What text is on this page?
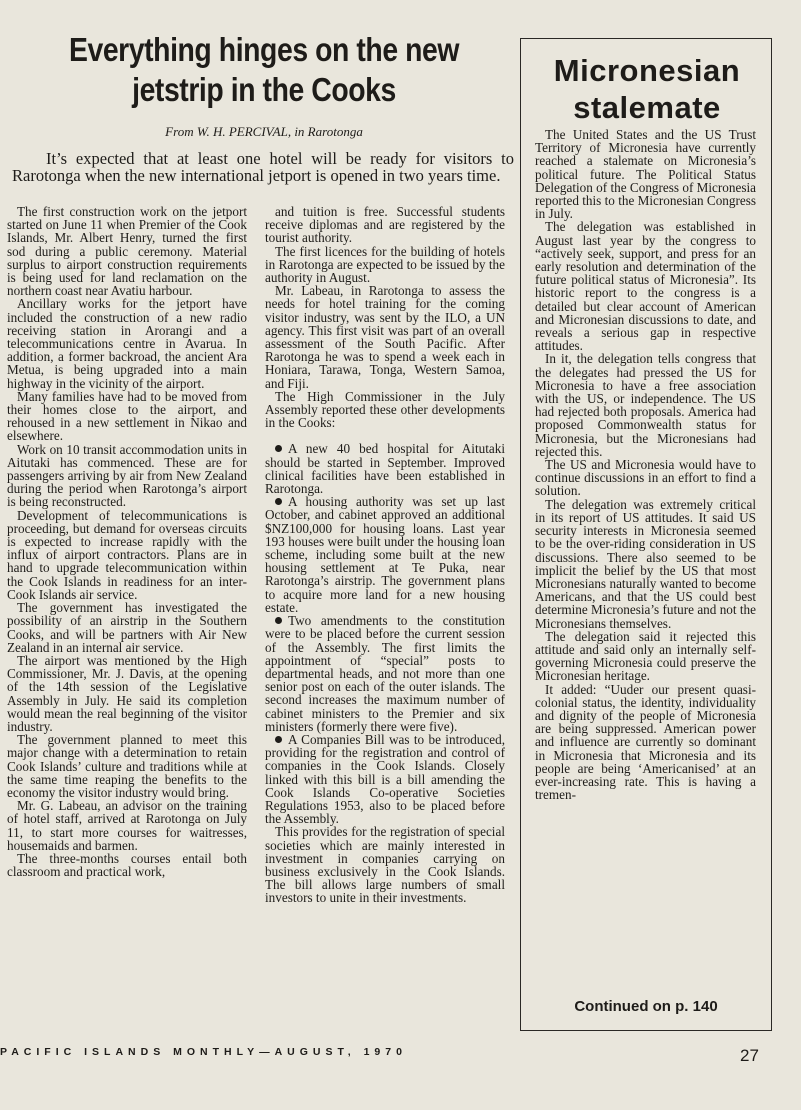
Everything hinges on the new jetstrip in the Cooks
From W. H. PERCIVAL, in Rarotonga
It’s expected that at least one hotel will be ready for visitors to Rarotonga when the new international jetport is opened in two years time.

The first construction work on the jetport started on June 11 when Premier of the Cook Islands, Mr. Albert Henry, turned the first sod during a public ceremony. Material surplus to airport construction requirements is being used for land reclamation on the northern coast near Avatiu harbour.

Ancillary works for the jetport have included the construction of a new radio receiving station in Arorangi and a telecommunications centre in Avarua. In addition, a former backroad, the ancient Ara Metua, is being upgraded into a main highway in the vicinity of the airport.

Many families have had to be moved from their homes close to the airport, and rehoused in a new settlement in Nikao and elsewhere.

Work on 10 transit accommodation units in Aitutaki has commenced. These are for passengers arriving by air from New Zealand during the period when Rarotonga’s airport is being reconstructed.

Development of telecommunications is proceeding, but demand for overseas circuits is expected to increase rapidly with the influx of airport contractors. Plans are in hand to upgrade telecommunication within the Cook Islands in readiness for an inter-Cook Islands air service.

The government has investigated the possibility of an airstrip in the Southern Cooks, and will be partners with Air New Zealand in an internal air service.

The airport was mentioned by the High Commissioner, Mr. J. Davis, at the opening of the 14th session of the Legislative Assembly in July. He said its completion would mean the real beginning of the visitor industry.

The government planned to meet this major change with a determination to retain Cook Islands’ culture and traditions while at the same time reaping the benefits to the economy the visitor industry would bring.

Mr. G. Labeau, an advisor on the training of hotel staff, arrived at Rarotonga on July 11, to start more courses for waitresses, housemaids and barmen.

The three-months courses entail both classroom and practical work,

and tuition is free. Successful students receive diplomas and are registered by the tourist authority.

The first licences for the building of hotels in Rarotonga are expected to be issued by the authority in August.

Mr. Labeau, in Rarotonga to assess the needs for hotel training for the coming visitor industry, was sent by the ILO, a UN agency. This first visit was part of an overall assessment of the South Pacific. After Rarotonga he was to spend a week each in Honiara, Tarawa, Tonga, Western Samoa, and Fiji.

The High Commissioner in the July Assembly reported these other developments in the Cooks:

A new 40 bed hospital for Aitutaki should be started in September. Improved clinical facilities have been established in Rarotonga.

A housing authority was set up last October, and cabinet approved an additional $NZ100,000 for housing loans. Last year 193 houses were built under the housing loan scheme, including some built at the new housing settlement at Te Puka, near Rarotonga’s airstrip. The government plans to acquire more land for a new housing estate.

Two amendments to the constitution were to be placed before the current session of the Assembly. The first limits the appointment of “special” posts to departmental heads, and not more than one senior post on each of the outer islands. The second increases the maximum number of cabinet ministers to the Premier and six ministers (formerly there were five).

A Companies Bill was to be introduced, providing for the registration and control of companies in the Cook Islands. Closely linked with this bill is a bill amending the Cook Islands Co-operative Societies Regulations 1953, also to be placed before the Assembly.

This provides for the registration of special societies which are mainly interested in investment in companies carrying on business exclusively in the Cook Islands. The bill allows large numbers of small investors to unite in their investments.

Micronesian stalemate

The United States and the US Trust Territory of Micronesia have currently reached a stalemate on Micronesia’s political future. The Political Status Delegation of the Congress of Micronesia reported this to the Micronesian Congress in July.

The delegation was established in August last year by the congress to “actively seek, support, and press for an early resolution and determination of the future political status of Micronesia”. Its historic report to the congress is a detailed but clear account of American and Micronesian discussions to date, and reveals a serious gap in respective attitudes.

In it, the delegation tells congress that the delegates had pressed the US for Micronesia to have a free association with the US, or independence. The US had rejected both proposals. America had proposed Commonwealth status for Micronesia, but the Micronesians had rejected this.

The US and Micronesia would have to continue discussions in an effort to find a solution.

The delegation was extremely critical in its report of US attitudes. It said US security interests in Micronesia seemed to be the over-riding consideration in US discussions. There also seemed to be implicit the belief by the US that most Micronesians naturally wanted to become Americans, and that the US could best determine Micronesia’s future and not the Micronesians themselves.

The delegation said it rejected this attitude and said only an internally self-governing Micronesia could preserve the Micronesian heritage.

It added: “Uuder our present quasi-colonial status, the identity, individuality and dignity of the people of Micronesia are being suppressed. American power and influence are currently so dominant in Micronesia that Micronesia and its people are being ‘Americanised’ at an ever-increasing rate. This is having a tremen-

Continued on p. 140
PACIFIC ISLANDS MONTHLY—AUGUST, 1970	27
